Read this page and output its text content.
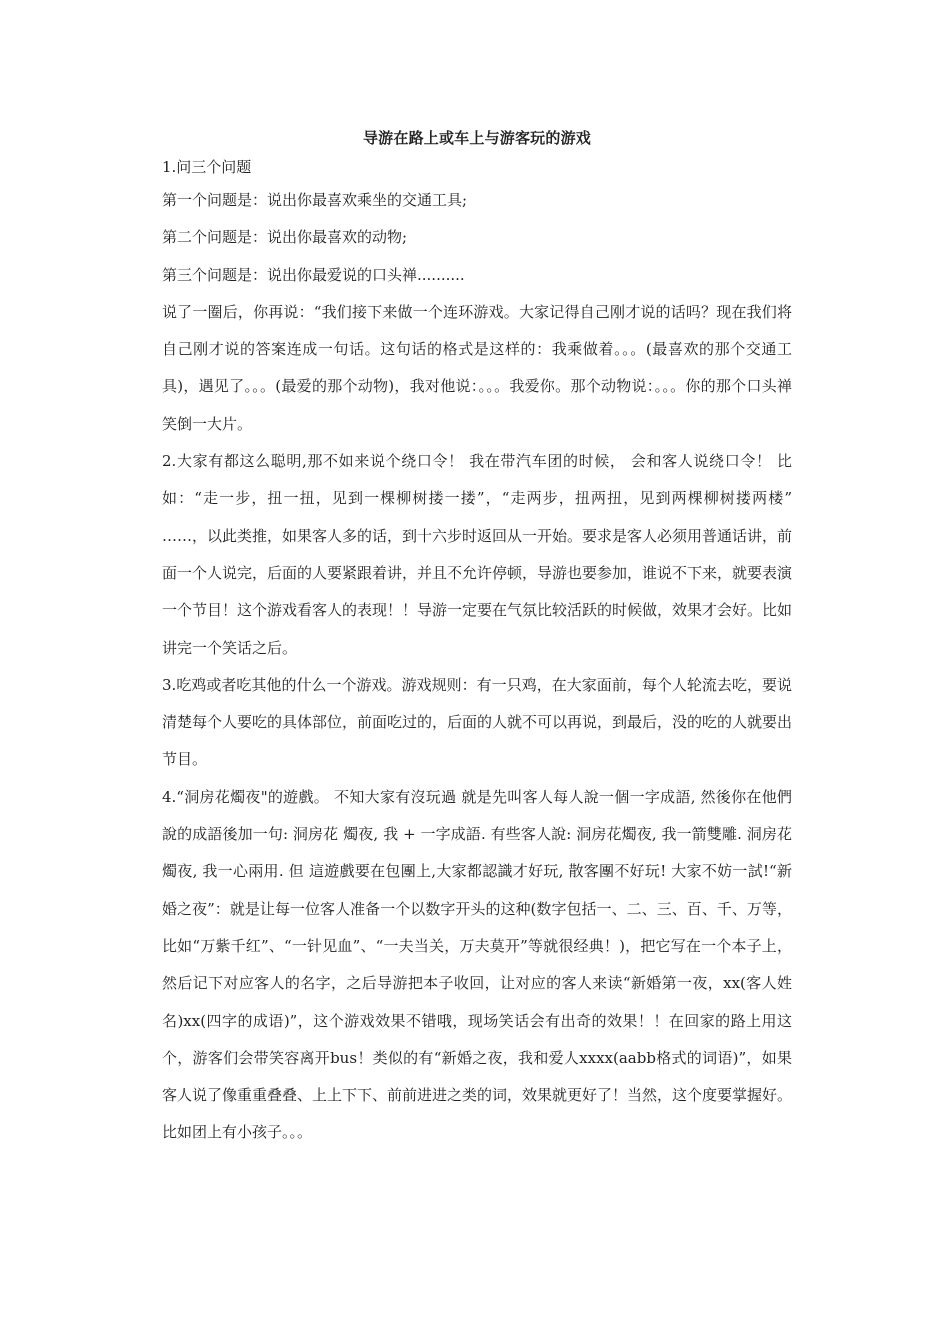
导游在路上或车上与游客玩的游戏

1.问三个问题

第一个问题是：说出你最喜欢乘坐的交通工具;

第二个问题是：说出你最喜欢的动物;

第三个问题是：说出你最爱说的口头禅..........

说了一圈后，你再说：“我们接下来做一个连环游戏。大家记得自己刚才说的话吗？现在我们将自己刚才说的答案连成一句话。这句话的格式是这样的：我乘做着。。。(最喜欢的那个交通工具)，遇见了。。。(最爱的那个动物)，我对他说：。。。我爱你。那个动物说：。。。你的那个口头禅 笑倒一大片。

2.大家有都这么聪明,那不如来说个绕口令！ 我在带汽车团的时候， 会和客人说绕口令！ 比如：“走一步，扭一扭，见到一棵柳树搂一搂”，“走两步，扭两扭，见到两棵柳树搂两楼” ……，以此类推，如果客人多的话，到十六步时返回从一开始。要求是客人必须用普通话讲，前面一个人说完，后面的人要紧跟着讲，并且不允许停顿，导游也要参加，谁说不下来，就要表演一个节目！这个游戏看客人的表现！！导游一定要在气氛比较活跃的时候做，效果才会好。比如讲完一个笑话之后。

3.吃鸡或者吃其他的什么一个游戏。游戏规则：有一只鸡，在大家面前，每个人轮流去吃，要说清楚每个人要吃的具体部位，前面吃过的，后面的人就不可以再说，到最后，没的吃的人就要出节目。

4.“洞房花燭夜"的遊戲。 不知大家有沒玩過 就是先叫客人每人說一個一字成語, 然後你在他們說的成語後加一句: 洞房花 燭夜, 我 + 一字成語. 有些客人說: 洞房花燭夜, 我一箭雙雕. 洞房花燭夜, 我一心兩用. 但 這遊戲要在包團上,大家都認識才好玩, 散客團不好玩! 大家不妨一試!“新婚之夜”：就是让每一位客人准备一个以数字开头的这种(数字包括一、二、三、百、千、万等，比如“万紫千红”、“一针见血”、“一夫当关，万夫莫开”等就很经典！)，把它写在一个本子上，然后记下对应客人的名字，之后导游把本子收回，让对应的客人来读“新婚第一夜，xx(客人姓名)xx(四字的成语)”，这个游戏效果不错哦，现场笑话会有出奇的效果！！在回家的路上用这个，游客们会带笑容离开bus！类似的有“新婚之夜，我和爱人xxxx(aabb格式的词语)”，如果客人说了像重重叠叠、上上下下、前前进进之类的词，效果就更好了！当然，这个度要掌握好。比如团上有小孩子。。。
